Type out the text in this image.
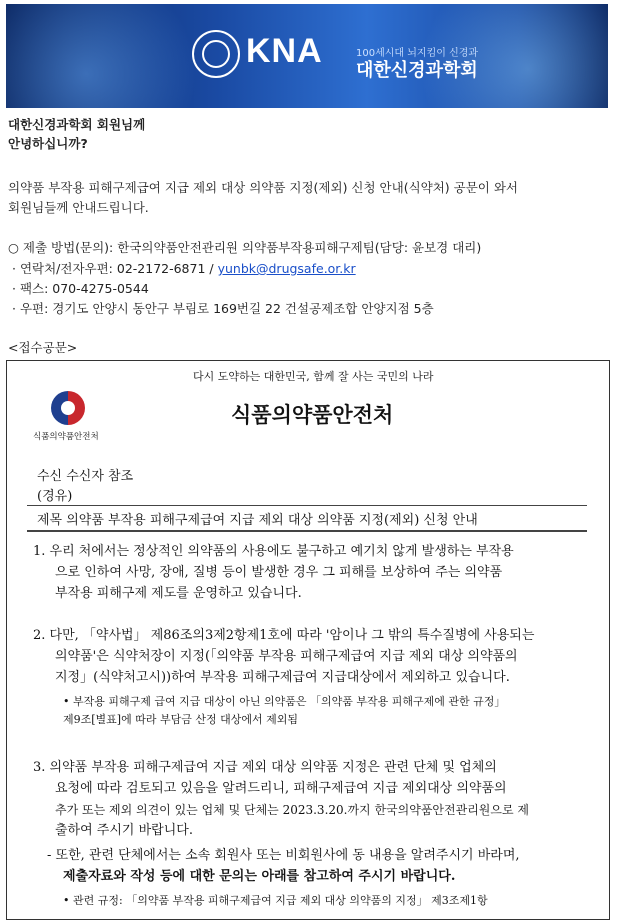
KNA	100세시대 뇌지킴이 신경과
대한신경과학회
대한신경과학회 회원님께
안녕하십니까?
의약품 부작용 피해구제급여 지급 제외 대상 의약품 지정(제외) 신청 안내(식약처) 공문이 와서
회원님들께 안내드립니다.
○ 제출 방법(문의): 한국의약품안전관리원 의약품부작용피해구제팀(담당: 윤보경 대리)
· 연락처/전자우편: 02-2172-6871 / yunbk@drugsafe.or.kr
· 팩스: 070-4275-0544
· 우편: 경기도 안양시 동안구 부림로 169번길 22 건설공제조합 안양지점 5층
<접수공문>
다시 도약하는 대한민국, 함께 잘 사는 국민의 나라
식품의약품안전처
식품의약품안전처
수신 수신자 참조
(경유)
제목 의약품 부작용 피해구제급여 지급 제외 대상 의약품 지정(제외) 신청 안내
1. 우리 처에서는 정상적인 의약품의 사용에도 불구하고 예기치 않게 발생하는 부작용
으로 인하여 사망, 장애, 질병 등이 발생한 경우 그 피해를 보상하여 주는 의약품
부작용 피해구제 제도를 운영하고 있습니다.
2. 다만, 「약사법」 제86조의3제2항제1호에 따라 '암이나 그 밖의 특수질병에 사용되는
의약품'은 식약처장이 지정(「의약품 부작용 피해구제급여 지급 제외 대상 의약품의
지정」(식약처고시))하여 부작용 피해구제급여 지급대상에서 제외하고 있습니다.
• 부작용 피해구제 급여 지급 대상이 아닌 의약품은 「의약품 부작용 피해구제에 관한 규정」
제9조[별표]에 따라 부담금 산정 대상에서 제외됨
3. 의약품 부작용 피해구제급여 지급 제외 대상 의약품 지정은 관련 단체 및 업체의
요청에 따라 검토되고 있음을 알려드리니, 피해구제급여 지급 제외대상 의약품의
추가 또는 제외 의견이 있는 업체 및 단체는 2023.3.20.까지 한국의약품안전관리원으로 제
출하여 주시기 바랍니다.
- 또한, 관련 단체에서는 소속 회원사 또는 비회원사에 동 내용을 알려주시기 바라며,
제출자료와 작성 등에 대한 문의는 아래를 참고하여 주시기 바랍니다.
• 관련 규정: 「의약품 부작용 피해구제급여 지급 제외 대상 의약품의 지정」 제3조제1항
